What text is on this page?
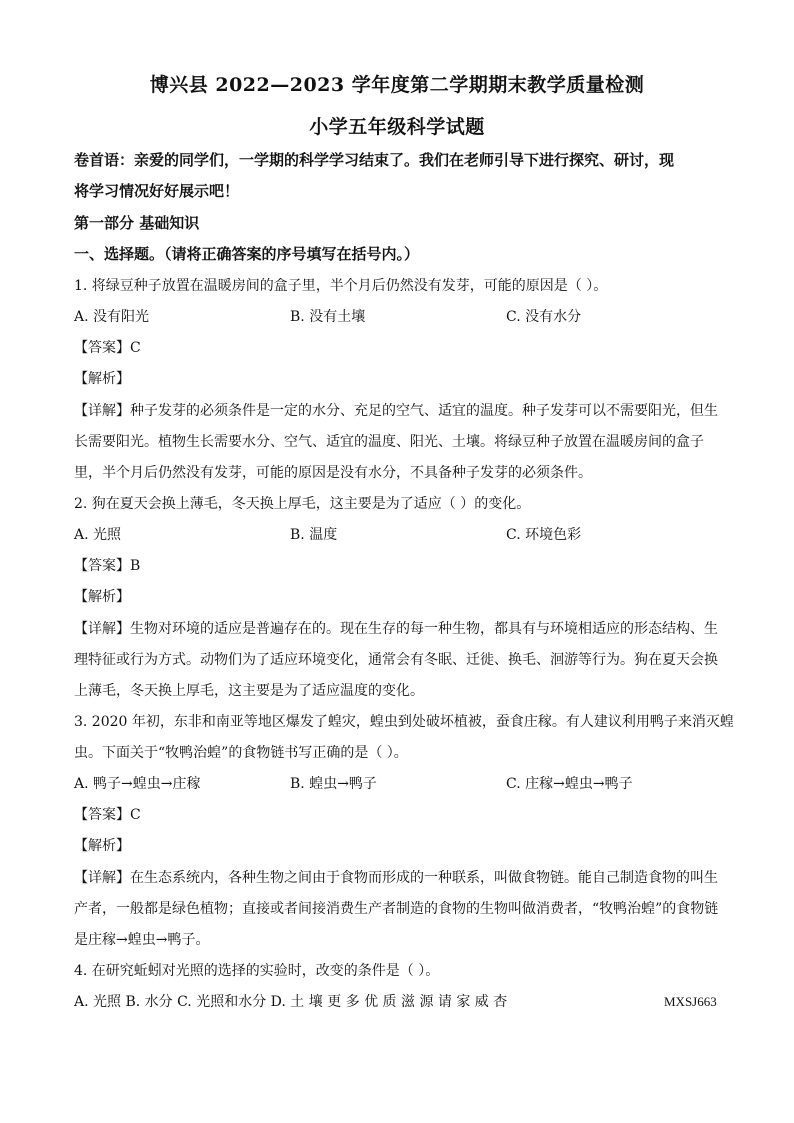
博兴县 2022—2023 学年度第二学期期末教学质量检测
小学五年级科学试题
卷首语：亲爱的同学们，一学期的科学学习结束了。我们在老师引导下进行探究、研讨，现
将学习情况好好展示吧！
第一部分 基础知识
一、选择题。（请将正确答案的序号填写在括号内。）
1. 将绿豆种子放置在温暖房间的盒子里，半个月后仍然没有发芽，可能的原因是（ ）。
A. 没有阳光	B. 没有土壤	C. 没有水分
【答案】C
【解析】
【详解】种子发芽的必须条件是一定的水分、充足的空气、适宜的温度。种子发芽可以不需要阳光，但生
长需要阳光。植物生长需要水分、空气、适宜的温度、阳光、土壤。将绿豆种子放置在温暖房间的盒子
里，半个月后仍然没有发芽，可能的原因是没有水分，不具备种子发芽的必须条件。
2. 狗在夏天会换上薄毛，冬天换上厚毛，这主要是为了适应（ ）的变化。
A. 光照	B. 温度	C. 环境色彩
【答案】B
【解析】
【详解】生物对环境的适应是普遍存在的。现在生存的每一种生物，都具有与环境相适应的形态结构、生
理特征或行为方式。动物们为了适应环境变化，通常会有冬眠、迁徙、换毛、洄游等行为。狗在夏天会换
上薄毛，冬天换上厚毛，这主要是为了适应温度的变化。
3. 2020 年初，东非和南亚等地区爆发了蝗灾，蝗虫到处破坏植被，蚕食庄稼。有人建议利用鸭子来消灭蝗
虫。下面关于“牧鸭治蝗”的食物链书写正确的是（ ）。
A. 鸭子→蝗虫→庄稼	B. 蝗虫→鸭子	C. 庄稼→蝗虫→鸭子
【答案】C
【解析】
【详解】在生态系统内，各种生物之间由于食物而形成的一种联系，叫做食物链。能自己制造食物的叫生
产者，一般都是绿色植物；直接或者间接消费生产者制造的食物的生物叫做消费者，“牧鸭治蝗”的食物链
是庄稼→蝗虫→鸭子。
4. 在研究蚯蚓对光照的选择的实验时，改变的条件是（ ）。
A. 光照 B. 水分 C. 光照和水分 D. 土 壤 更 多 优 质 滋 源 请 家 威 杏	MXSJ663
